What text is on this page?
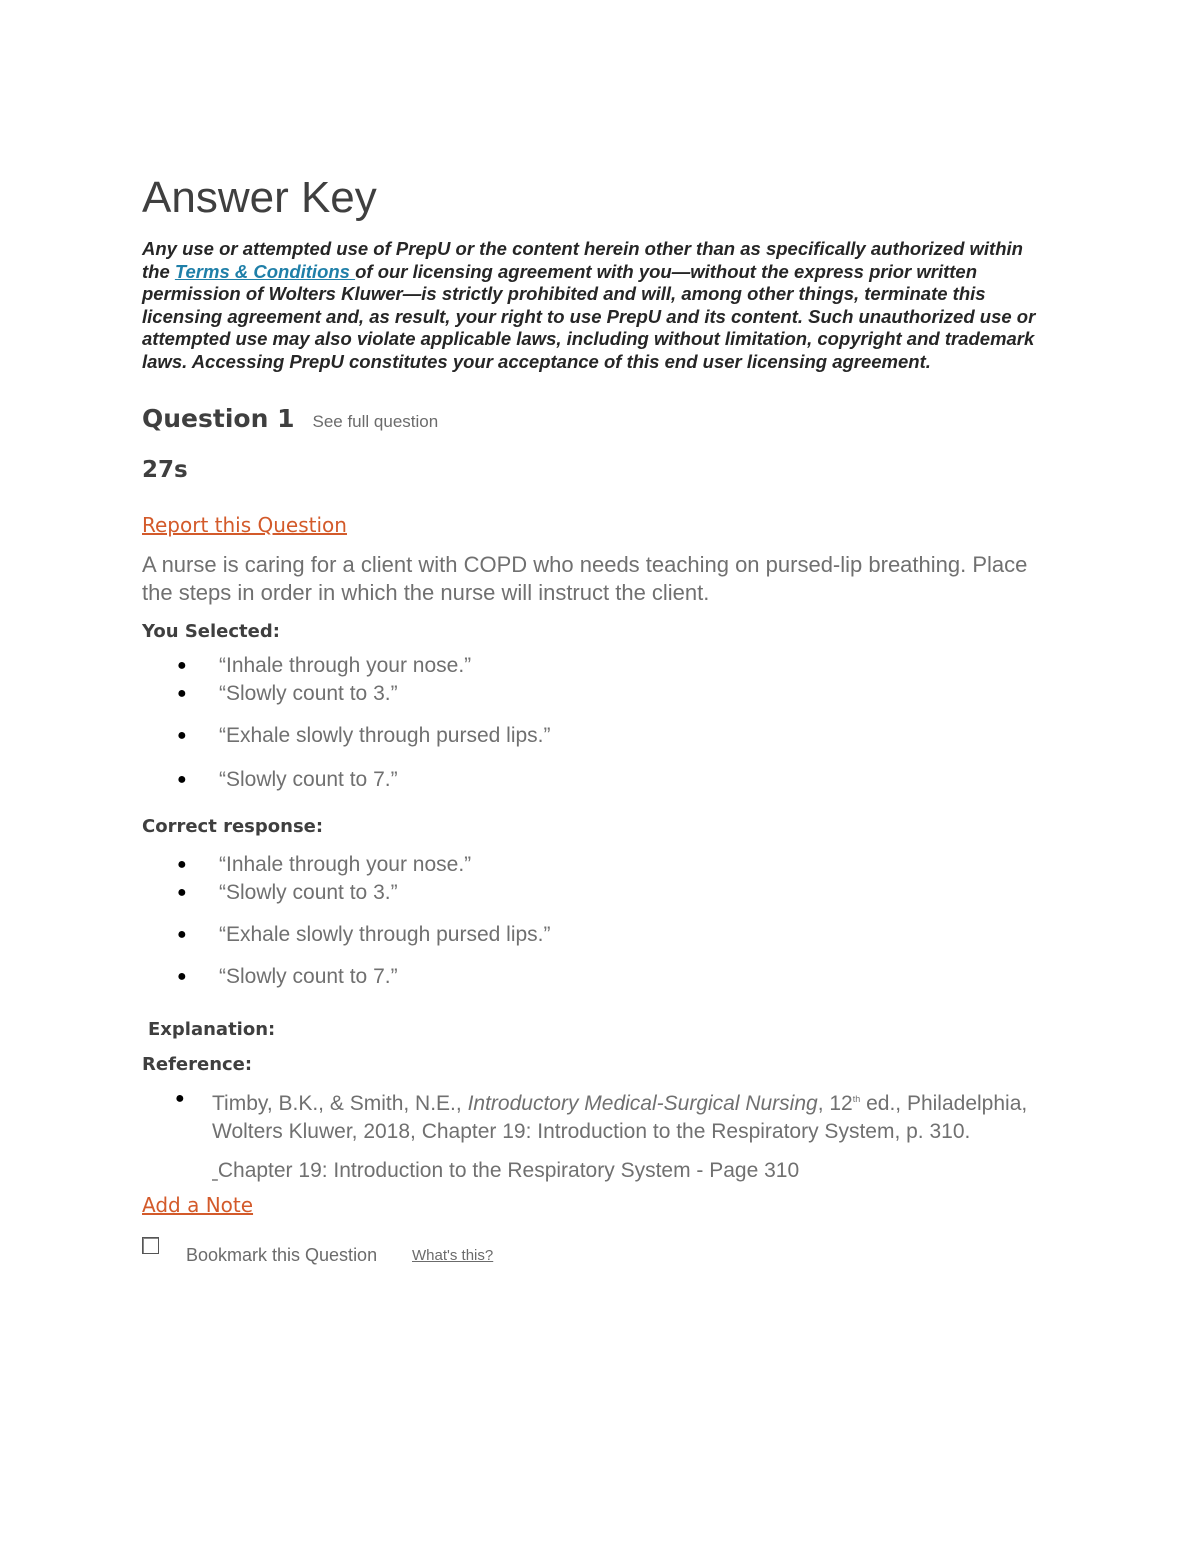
Answer Key

Any use or attempted use of PrepU or the content herein other than as specifically authorized within the Terms & Conditions of our licensing agreement with you—without the express prior written permission of Wolters Kluwer—is strictly prohibited and will, among other things, terminate this licensing agreement and, as result, your right to use PrepU and its content. Such unauthorized use or attempted use may also violate applicable laws, including without limitation, copyright and trademark laws. Accessing PrepU constitutes your acceptance of this end user licensing agreement.

Question 1 See full question
27s
Report this Question
A nurse is caring for a client with COPD who needs teaching on pursed-lip breathing. Place the steps in order in which the nurse will instruct the client.
You Selected:
● “Inhale through your nose.”
● “Slowly count to 3.”
● “Exhale slowly through pursed lips.”
● “Slowly count to 7.”
Correct response:
● “Inhale through your nose.”
● “Slowly count to 3.”
● “Exhale slowly through pursed lips.”
● “Slowly count to 7.”
Explanation:
Reference:
● Timby, B.K., & Smith, N.E., Introductory Medical-Surgical Nursing, 12th ed., Philadelphia, Wolters Kluwer, 2018, Chapter 19: Introduction to the Respiratory System, p. 310.
Chapter 19: Introduction to the Respiratory System - Page 310
Add a Note
Bookmark this Question What's this?
